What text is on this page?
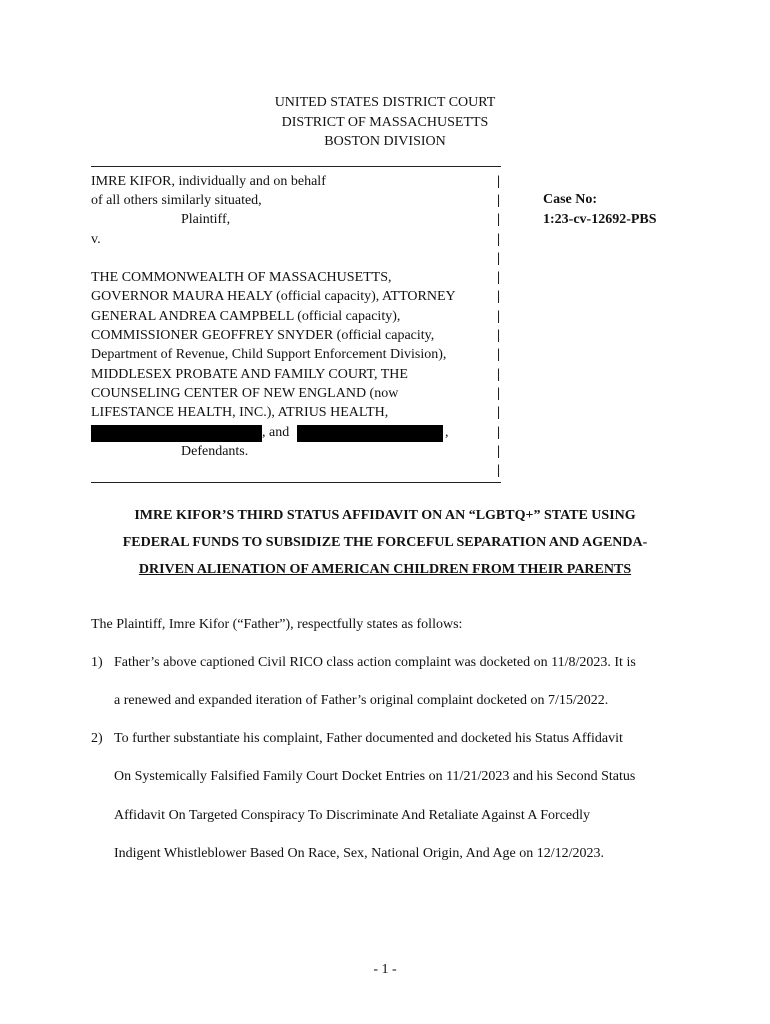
UNITED STATES DISTRICT COURT
DISTRICT OF MASSACHUSETTS
BOSTON DIVISION
IMRE KIFOR, individually and on behalf
of all others similarly situated,
Plaintiff,
v.
THE COMMONWEALTH OF MASSACHUSETTS,
GOVERNOR MAURA HEALY (official capacity), ATTORNEY
GENERAL ANDREA CAMPBELL (official capacity),
COMMISSIONER GEOFFREY SNYDER (official capacity,
Department of Revenue, Child Support Enforcement Division),
MIDDLESEX PROBATE AND FAMILY COURT, THE
COUNSELING CENTER OF NEW ENGLAND (now
LIFESTANCE HEALTH, INC.), ATRIUS HEALTH,
, and	,
Defendants.
|
|
|
|
|
|
|
|
|
|
|
|
|
|
|
|
Case No:
1:23-cv-12692-PBS
IMRE KIFOR’S THIRD STATUS AFFIDAVIT ON AN “LGBTQ+” STATE USING
FEDERAL FUNDS TO SUBSIDIZE THE FORCEFUL SEPARATION AND AGENDA-
DRIVEN ALIENATION OF AMERICAN CHILDREN FROM THEIR PARENTS
The Plaintiff, Imre Kifor (“Father”), respectfully states as follows:
1) Father’s above captioned Civil RICO class action complaint was docketed on 11/8/2023. It is
a renewed and expanded iteration of Father’s original complaint docketed on 7/15/2022.
2) To further substantiate his complaint, Father documented and docketed his Status Affidavit
On Systemically Falsified Family Court Docket Entries on 11/21/2023 and his Second Status
Affidavit On Targeted Conspiracy To Discriminate And Retaliate Against A Forcedly
Indigent Whistleblower Based On Race, Sex, National Origin, And Age on 12/12/2023.
- 1 -
